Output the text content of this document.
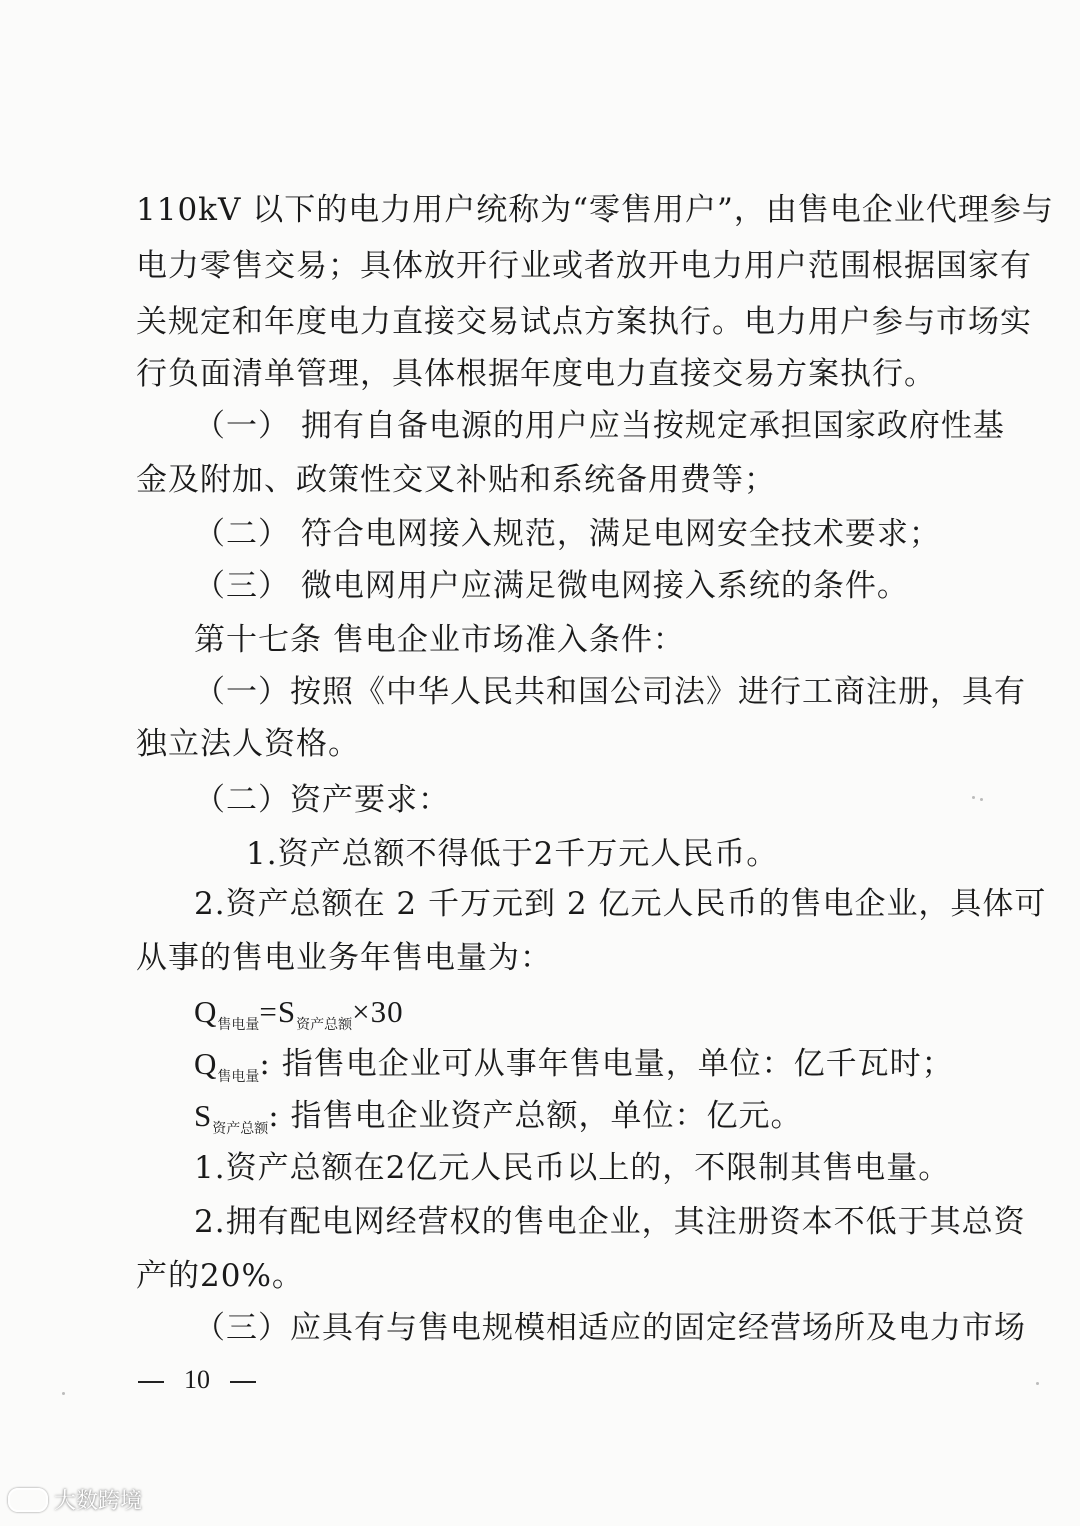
110kV 以下的电力用户统称为“零售用户”，由售电企业代理参与
电力零售交易；具体放开行业或者放开电力用户范围根据国家有
关规定和年度电力直接交易试点方案执行。电力用户参与市场实
行负面清单管理，具体根据年度电力直接交易方案执行。
（一） 拥有自备电源的用户应当按规定承担国家政府性基
金及附加、政策性交叉补贴和系统备用费等；
（二） 符合电网接入规范，满足电网安全技术要求；
（三） 微电网用户应满足微电网接入系统的条件。
第十七条 售电企业市场准入条件：
（一）按照《中华人民共和国公司法》进行工商注册，具有
独立法人资格。
（二）资产要求：
1.资产总额不得低于2千万元人民币。
2.资产总额在 2 千万元到 2 亿元人民币的售电企业，具体可
从事的售电业务年售电量为：
$Q_{售电量}=S_{资产总额}\times 30$
$Q_{售电量}$: 指售电企业可从事年售电量，单位：亿千瓦时；
$S_{资产总额}$: 指售电企业资产总额，单位：亿元。
1.资产总额在2亿元人民币以上的，不限制其售电量。
2.拥有配电网经营权的售电企业，其注册资本不低于其总资
产的20%。
（三）应具有与售电规模相适应的固定经营场所及电力市场
10
大数跨境
